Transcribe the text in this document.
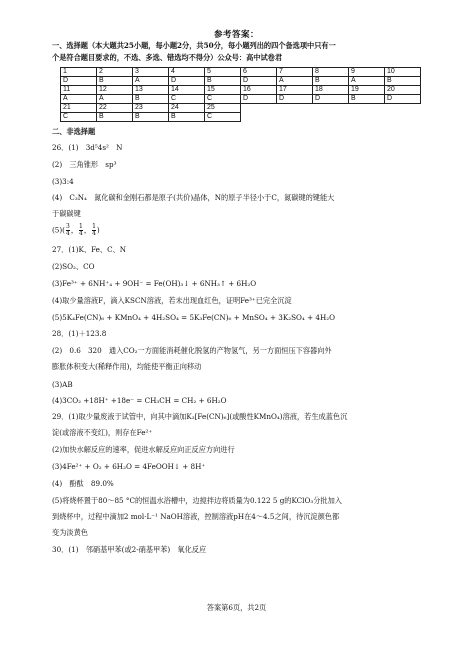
参考答案：
一、选择题（本大题共25小题，每小题2分，共50分，每小题列出的四个备选项中只有一
个是符合题目要求的，不选、多选、错选均不得分）公众号：高中试卷君
1	2	3	4	5	6	7	8	9	10
D	B	A	D	B	D	A	B	A	B
11	12	13	14	15	16	17	18	19	20
A	A	B	C	C	D	D	D	B	D
21	22	23	24	25					
C	B	B	B	C					
二、非选择题
26．(1)　3d⁵4s²　N
(2)　三角锥形　sp³
(3)3:4
(4)　C₃N₄　氮化碳和金刚石都是原子(共价)晶体，N的原子半径小于C，氮碳键的键能大
于碳碳键
$(5)( \frac{3}{4}$ ， $\frac{1}{4}$ ， $\frac{1}{4}$ )
27．(1)K、Fe、C、N
(2)SO₂、CO
(3)Fe³⁺ + 6NH⁺₄ + 9OH⁻ = Fe(OH)₃↓ + 6NH₃↑ + 6H₂O
(4)取少量溶液F，滴入KSCN溶液，若未出现血红色，证明Fe³⁺已完全沉淀
(5)5K₄Fe(CN)₆ + KMnO₄ + 4H₂SO₄ = 5K₃Fe(CN)₆ + MnSO₄ + 3K₂SO₄ + 4H₂O
28．(1)＋123.8
(2)　0.6　320　通入CO₂一方面能消耗催化脱氢的产物氢气，另一方面恒压下容器向外
膨胀体积变大(稀释作用)，均能使平衡正向移动
(3)AB
(4)3CO₂ +18H⁺ +18e⁻ = CH₃CH = CH₂ + 6H₂O
29．(1)取少量废液于试管中，向其中滴加K₃[Fe(CN)₆](或酸性KMnO₄)溶液，若生成蓝色沉
淀(或溶液不变红)，则存在Fe²⁺
(2)加快水解反应的速率，促进水解反应向正反应方向进行
(3)4Fe²⁺ + O₂ + 6H₂O = 4FeOOH↓ + 8H⁺
(4)　酚酞　89.0%
(5)将烧杯置于80～85 °C的恒温水浴槽中，边搅拌边将质量为0.122 5 g的KClO₃分批加入
到烧杯中，过程中滴加2 mol·L⁻¹ NaOH溶液，控制溶液pH在4～4.5之间，待沉淀颜色都
变为淡黄色
30．(1)　邻硝基甲苯(或2-硝基甲苯)　氧化反应
答案第6页，共2页
